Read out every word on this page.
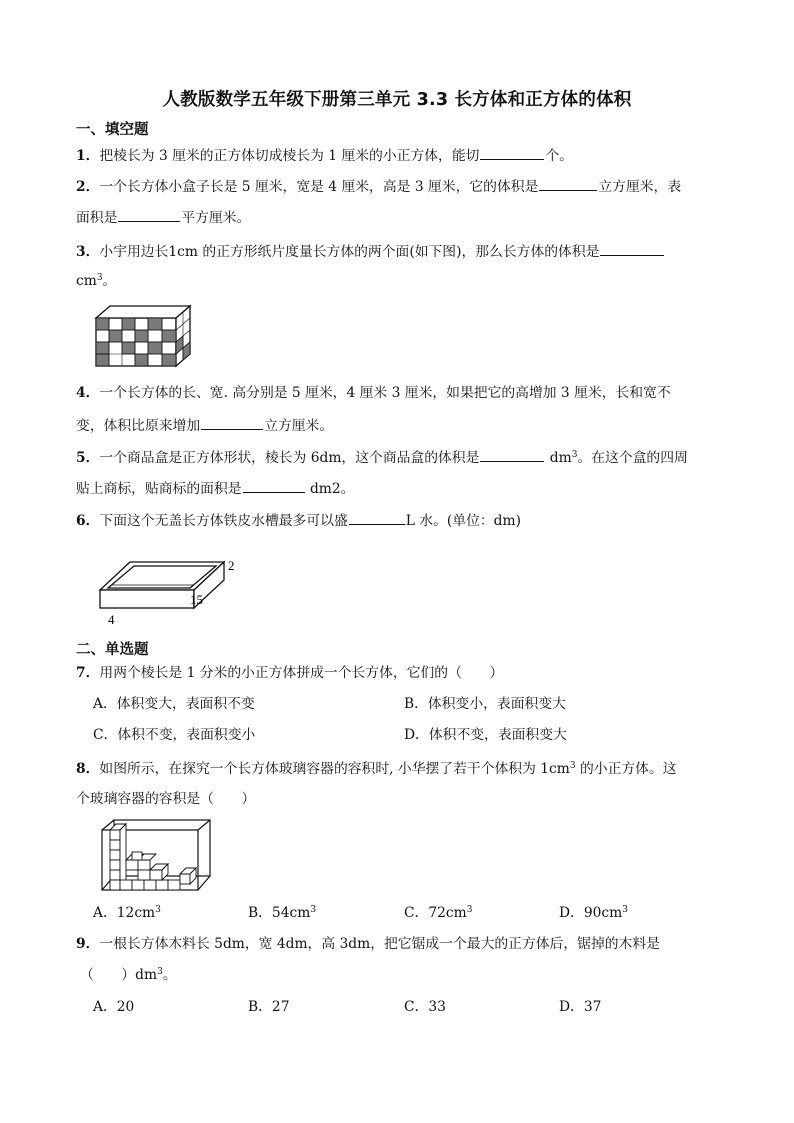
人教版数学五年级下册第三单元 3.3 长方体和正方体的体积
一、填空题
1．把棱长为 3 厘米的正方体切成棱长为 1 厘米的小正方体，能切	个。
2．一个长方体小盒子长是 5 厘米，宽是 4 厘米，高是 3 厘米，它的体积是	立方厘米，表
面积是	平方厘米。
3．小宇用边长1cm 的正方形纸片度量长方体的两个面(如下图)，那么长方体的体积是
$cm^3$。
4．一个长方体的长、宽. 高分别是 5 厘米，4 厘米 3 厘米，如果把它的高增加 3 厘米，长和宽不
变，体积比原来增加	立方厘米。
5．一个商品盒是正方体形状，棱长为 6dm，这个商品盒的体积是	$dm^3$。在这个盒的四周
贴上商标，贴商标的面积是	dm2。
6．下面这个无盖长方体铁皮水槽最多可以盛	L 水。(单位：dm)
2
15
4
二、单选题
7．用两个棱长是 1 分米的小正方体拼成一个长方体，它们的（　　）
A．体积变大，表面积不变	B．体积变小，表面积变大
C．体积不变，表面积变小	D．体积不变，表面积变大
8．如图所示，在探究一个长方体玻璃容器的容积时, 小华摆了若干个体积为 $1cm^3$ 的小正方体。这
个玻璃容器的容积是（　　）
A．$12cm^3$	B．$54cm^3$	C．$72cm^3$	D．$90cm^3$
9．一根长方体木料长 5dm，宽 4dm，高 3dm，把它锯成一个最大的正方体后，锯掉的木料是
（　　）$dm^3$。
A．20	B．27	C．33	D．37
